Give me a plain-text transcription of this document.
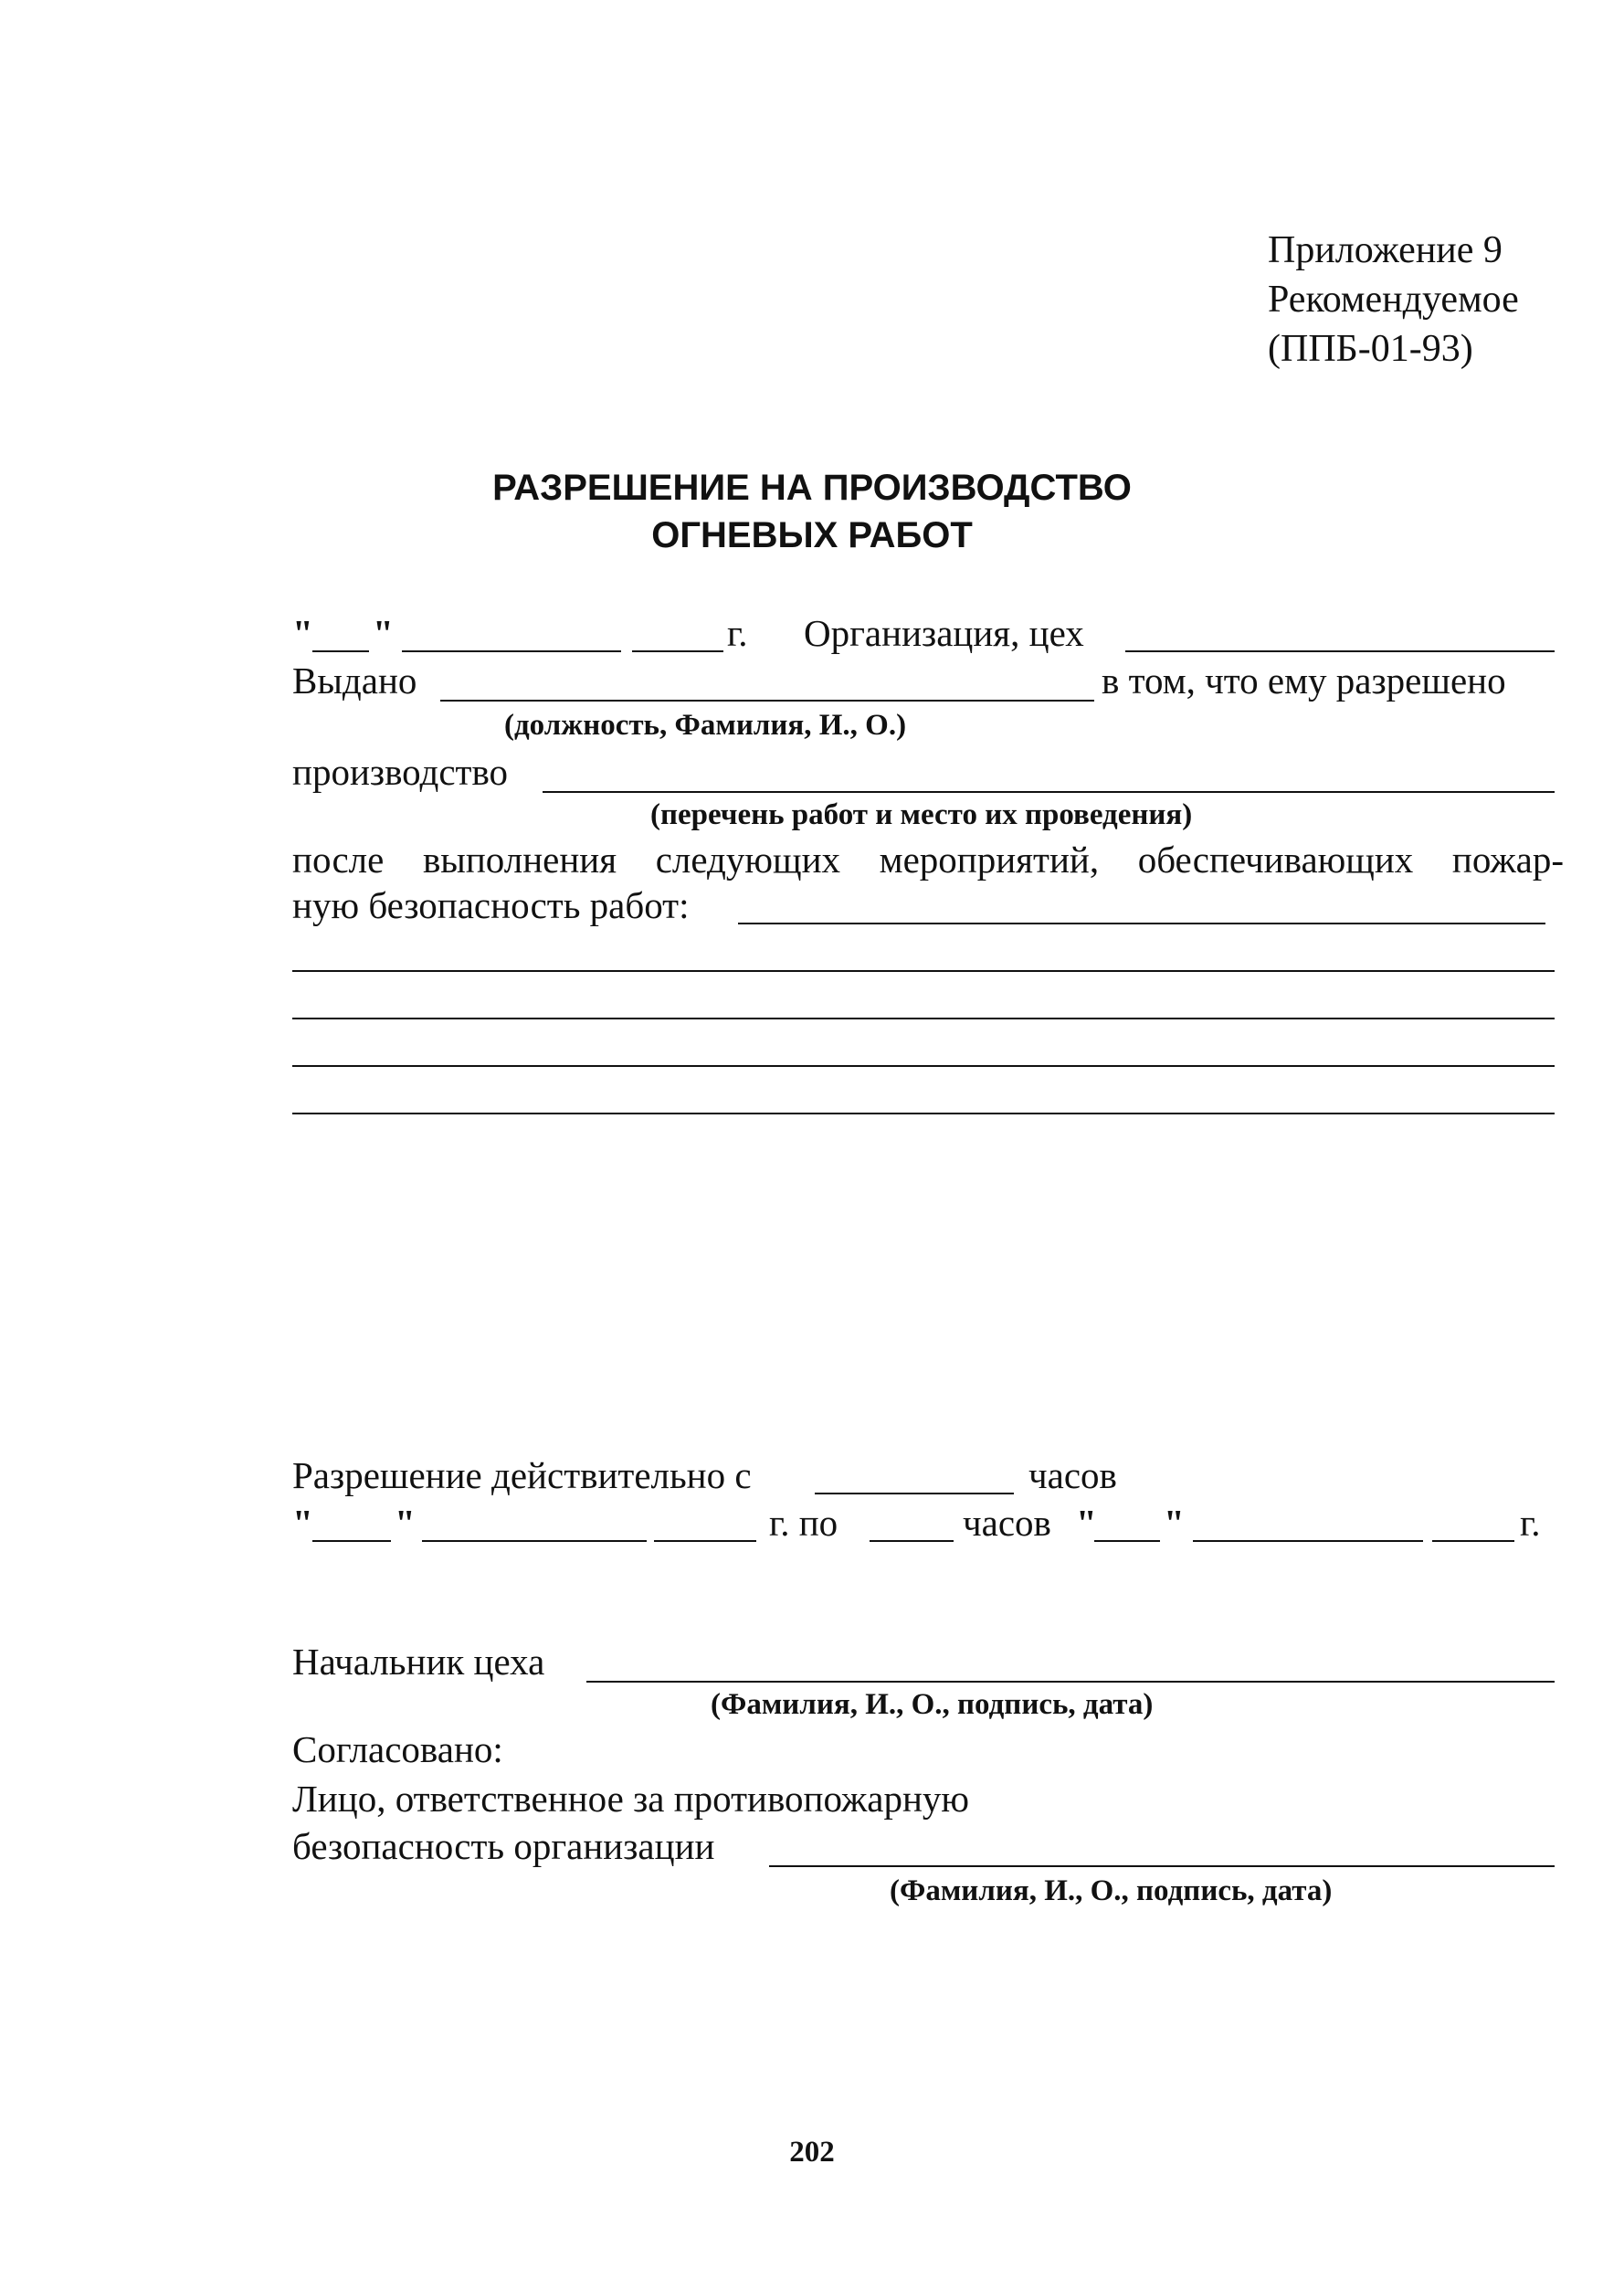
Приложение 9
Рекомендуемое
(ППБ-01-93)
РАЗРЕШЕНИЕ НА ПРОИЗВОДСТВО
ОГНЕВЫХ РАБОТ
" "	г. Организация, цех
Выдано	в том, что ему разрешено
(должность, Фамилия, И., О.)
производство
(перечень работ и место их проведения)
после выполнения следующих мероприятий, обеспечивающих пожар-
ную безопасность работ:
Разрешение действительно с	часов
" "	г. по	часов " "	г.
Начальник цеха
(Фамилия, И., О., подпись, дата)
Согласовано:
Лицо, ответственное за противопожарную
безопасность организации
(Фамилия, И., О., подпись, дата)
202
